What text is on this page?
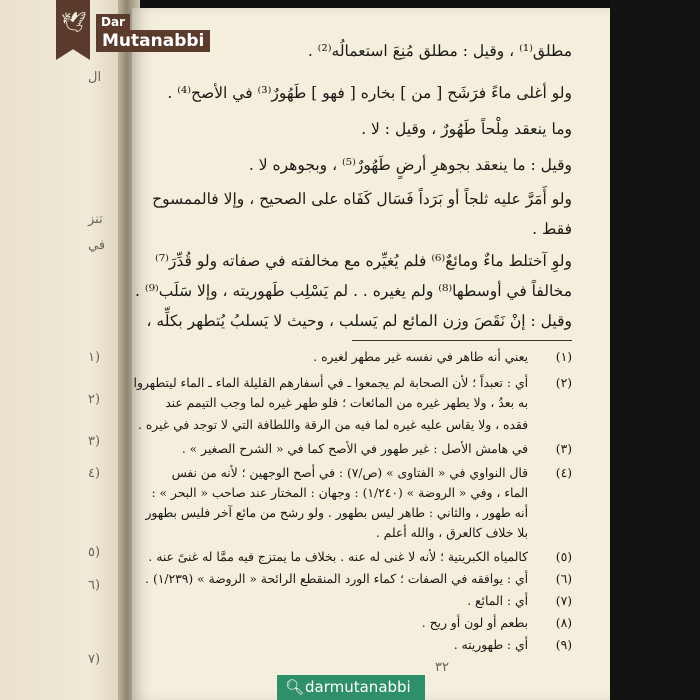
ال
تنز
في
(١
(٢
(٣
(٤
(٥
(٦
(٧
مطلق⁽¹⁾ ، وقيل : مطلق مُنِعَ استعمالُه⁽²⁾ .
ولو أغلى ماءً فرَشَح [ من ] بخاره [ فهو ] طَهُورٌ⁽³⁾ في الأصح⁽⁴⁾ .
وما ينعقد مِلْحاً طَهُورٌ ، وقيل : لا .
وقيل : ما ينعقد بجوهرِ أرضٍ طَهُورٌ⁽⁵⁾ ، وبجوهره لا .
ولو أَمَرَّ عليه ثلجاً أو بَرَداً فَسَال كَفَاه على الصحيح ، وإلا فالممسوح
فقط .
ولوِ آختلط ماءٌ ومائعٌ⁽⁶⁾ فلم يُغيِّره مع مخالفته في صفاته ولو قُدِّرَ⁽⁷⁾
مخالفاً في أوسطها⁽⁸⁾ ولم يغيره . . لم يَسْلِب طَهوريته ، وإلا سَلَب⁽⁹⁾ .
وقيل : إنْ نَقَصَ وزن المائع لم يَسلب ، وحيث لا يَسلبُ يُتطهر بكلِّه ،
(١)
يعني أنه طاهر في نفسه غير مطهر لغيره .
(٢)
أي : تعبداً ؛ لأن الصحابة لم يجمعوا ـ في أسفارهم القليلة الماء ـ الماء ليتطهروا
به بعدُ ، ولا يطهر غيره من المائعات ؛ فلو طهر غيره لما وجب التيمم عند
فقده ، ولا يقاس عليه غيره لما فيه من الرقة واللطافة التي لا توجد في غيره .
(٣)
في هامش الأصل : غير طهور في الأصح كما في « الشرح الصغير » .
(٤)
قال النواوي في « الفتاوى » (ص/٧) : في أصح الوجهين ؛ لأنه من نفس
الماء ، وفي « الروضة » (١/٢٤٠) : وجهان : المختار عند صاحب « البحر » :
أنه طهور ، والثاني : طاهر ليس بطهور . ولو رشح من مائع آخر فليس بطهور
بلا خلاف كالعرق ، والله أعلم .
(٥)
كالمياه الكبريتية ؛ لأنه لا غنى له عنه . بخلاف ما يمتزج فيه ممَّا له غنىً عنه .
(٦)
أي : يوافقه في الصفات ؛ كماء الورد المنقطع الرائحة « الروضة » (١/٢٣٩) .
(٧)
أي : المائع .
(٨)
بطعم أو لون أو ريح .
(٩)
أي : طهوريته .
٣٢
🕊	Dar
Mutanabbi
🔍︎ darmutanabbi
